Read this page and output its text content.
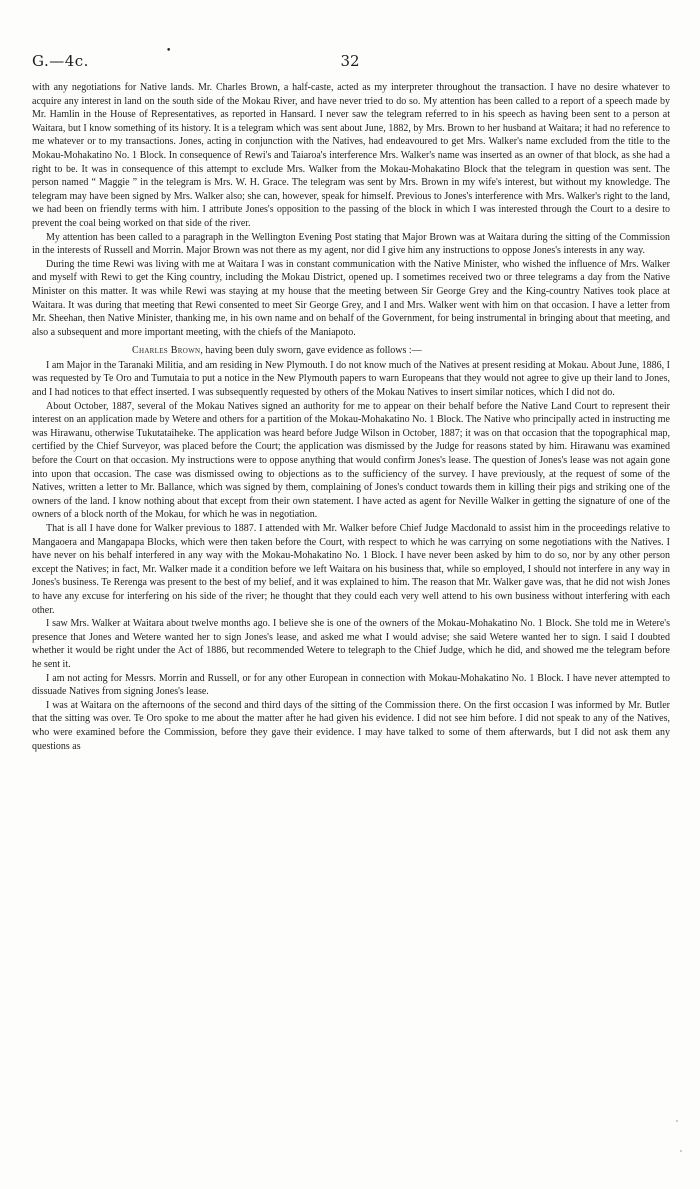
G.—4c.
•
32

with any negotiations for Native lands. Mr. Charles Brown, a half-caste, acted as my interpreter throughout the transaction. I have no desire whatever to acquire any interest in land on the south side of the Mokau River, and have never tried to do so. My attention has been called to a report of a speech made by Mr. Hamlin in the House of Representatives, as reported in Hansard. I never saw the telegram referred to in his speech as having been sent to a person at Waitara, but I know something of its history. It is a telegram which was sent about June, 1882, by Mrs. Brown to her husband at Waitara; it had no reference to me whatever or to my transactions. Jones, acting in conjunction with the Natives, had endeavoured to get Mrs. Walker's name excluded from the title to the Mokau-Mohakatino No. 1 Block. In consequence of Rewi's and Taiaroa's interference Mrs. Walker's name was inserted as an owner of that block, as she had a right to be. It was in consequence of this attempt to exclude Mrs. Walker from the Mokau-Mohakatino Block that the telegram in question was sent. The person named “ Maggie ” in the telegram is Mrs. W. H. Grace. The telegram was sent by Mrs. Brown in my wife's interest, but without my knowledge. The telegram may have been signed by Mrs. Walker also; she can, however, speak for himself. Previous to Jones's interference with Mrs. Walker's right to the land, we had been on friendly terms with him. I attribute Jones's opposition to the passing of the block in which I was interested through the Court to a desire to prevent the coal being worked on that side of the river.

My attention has been called to a paragraph in the Wellington Evening Post stating that Major Brown was at Waitara during the sitting of the Commission in the interests of Russell and Morrin. Major Brown was not there as my agent, nor did I give him any instructions to oppose Jones's interests in any way.

During the time Rewi was living with me at Waitara I was in constant communication with the Native Minister, who wished the influence of Mrs. Walker and myself with Rewi to get the King country, including the Mokau District, opened up. I sometimes received two or three telegrams a day from the Native Minister on this matter. It was while Rewi was staying at my house that the meeting between Sir George Grey and the King-country Natives took place at Waitara. It was during that meeting that Rewi consented to meet Sir George Grey, and I and Mrs. Walker went with him on that occasion. I have a letter from Mr. Sheehan, then Native Minister, thanking me, in his own name and on behalf of the Government, for being instrumental in bringing about that meeting, and also a subsequent and more important meeting, with the chiefs of the Maniapoto.

Charles Brown, having been duly sworn, gave evidence as follows :—

I am Major in the Taranaki Militia, and am residing in New Plymouth. I do not know much of the Natives at present residing at Mokau. About June, 1886, I was requested by Te Oro and Tumutaia to put a notice in the New Plymouth papers to warn Europeans that they would not agree to give up their land to Jones, and I had notices to that effect inserted. I was subsequently requested by others of the Mokau Natives to insert similar notices, which I did not do.

About October, 1887, several of the Mokau Natives signed an authority for me to appear on their behalf before the Native Land Court to represent their interest on an application made by Wetere and others for a partition of the Mokau-Mohakatino No. 1 Block. The Native who principally acted in instructing me was Hirawanu, otherwise Tukutataiheke. The application was heard before Judge Wilson in October, 1887; it was on that occasion that the topographical map, certified by the Chief Surveyor, was placed before the Court; the application was dismissed by the Judge for reasons stated by him. Hirawanu was examined before the Court on that occasion. My instructions were to oppose anything that would confirm Jones's lease. The question of Jones's lease was not again gone into upon that occasion. The case was dismissed owing to objections as to the sufficiency of the survey. I have previously, at the request of some of the Natives, written a letter to Mr. Ballance, which was signed by them, complaining of Jones's conduct towards them in killing their pigs and striking one of the owners of the land. I know nothing about that except from their own statement. I have acted as agent for Neville Walker in getting the signature of one of the owners of a block north of the Mokau, for which he was in negotiation.

That is all I have done for Walker previous to 1887. I attended with Mr. Walker before Chief Judge Macdonald to assist him in the proceedings relative to Mangaoera and Mangapapa Blocks, which were then taken before the Court, with respect to which he was carrying on some negotiations with the Natives. I have never on his behalf interfered in any way with the Mokau-Mohakatino No. 1 Block. I have never been asked by him to do so, nor by any other person except the Natives; in fact, Mr. Walker made it a condition before we left Waitara on his business that, while so employed, I should not interfere in any way in Jones's business. Te Rerenga was present to the best of my belief, and it was explained to him. The reason that Mr. Walker gave was, that he did not wish Jones to have any excuse for interfering on his side of the river; he thought that they could each very well attend to his own business without interfering with each other.

I saw Mrs. Walker at Waitara about twelve months ago. I believe she is one of the owners of the Mokau-Mohakatino No. 1 Block. She told me in Wetere's presence that Jones and Wetere wanted her to sign Jones's lease, and asked me what I would advise; she said Wetere wanted her to sign. I said I doubted whether it would be right under the Act of 1886, but recommended Wetere to telegraph to the Chief Judge, which he did, and showed me the telegram before he sent it.

I am not acting for Messrs. Morrin and Russell, or for any other European in connection with Mokau-Mohakatino No. 1 Block. I have never attempted to dissuade Natives from signing Jones's lease.

I was at Waitara on the afternoons of the second and third days of the sitting of the Commission there. On the first occasion I was informed by Mr. Butler that the sitting was over. Te Oro spoke to me about the matter after he had given his evidence. I did not see him before. I did not speak to any of the Natives, who were examined before the Commission, before they gave their evidence. I may have talked to some of them afterwards, but I did not ask them any questions as
